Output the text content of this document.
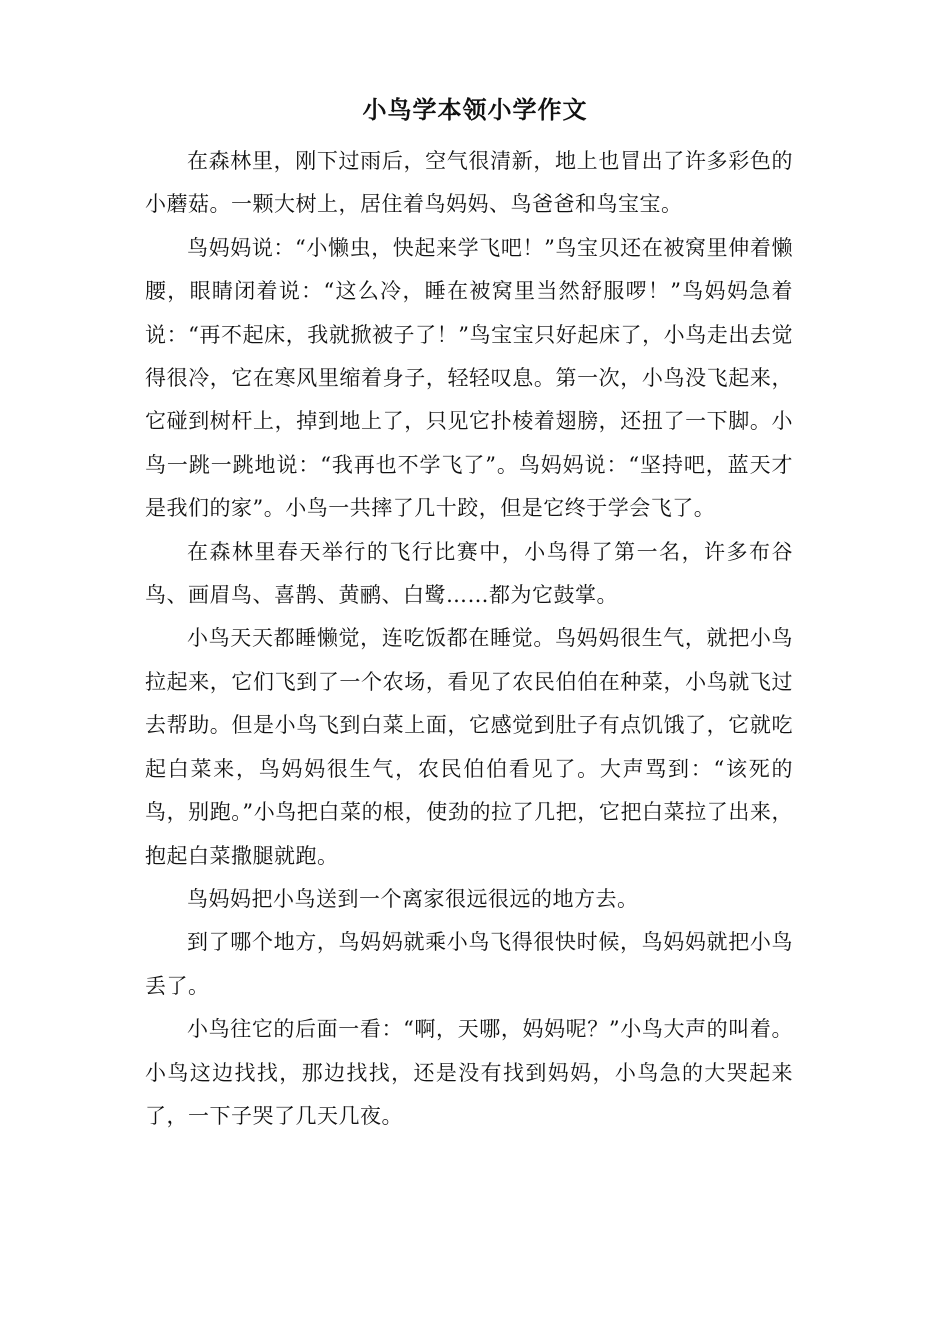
小鸟学本领小学作文

在森林里，刚下过雨后，空气很清新，地上也冒出了许多彩色的小蘑菇。一颗大树上，居住着鸟妈妈、鸟爸爸和鸟宝宝。

鸟妈妈说：“小懒虫，快起来学飞吧！”鸟宝贝还在被窝里伸着懒腰，眼睛闭着说：“这么冷，睡在被窝里当然舒服啰！”鸟妈妈急着说：“再不起床，我就掀被子了！”鸟宝宝只好起床了，小鸟走出去觉得很冷，它在寒风里缩着身子，轻轻叹息。第一次，小鸟没飞起来，它碰到树杆上，掉到地上了，只见它扑棱着翅膀，还扭了一下脚。小鸟一跳一跳地说：“我再也不学飞了”。鸟妈妈说：“坚持吧，蓝天才是我们的家”。小鸟一共摔了几十跤，但是它终于学会飞了。

在森林里春天举行的飞行比赛中，小鸟得了第一名，许多布谷鸟、画眉鸟、喜鹊、黄鹂、白鹭……都为它鼓掌。

小鸟天天都睡懒觉，连吃饭都在睡觉。鸟妈妈很生气，就把小鸟拉起来，它们飞到了一个农场，看见了农民伯伯在种菜，小鸟就飞过去帮助。但是小鸟飞到白菜上面，它感觉到肚子有点饥饿了，它就吃起白菜来，鸟妈妈很生气，农民伯伯看见了。大声骂到：“该死的鸟，别跑。”小鸟把白菜的根，使劲的拉了几把，它把白菜拉了出来，抱起白菜撒腿就跑。

鸟妈妈把小鸟送到一个离家很远很远的地方去。

到了哪个地方，鸟妈妈就乘小鸟飞得很快时候，鸟妈妈就把小鸟丢了。

小鸟往它的后面一看：“啊，天哪，妈妈呢？”小鸟大声的叫着。小鸟这边找找，那边找找，还是没有找到妈妈，小鸟急的大哭起来了，一下子哭了几天几夜。
